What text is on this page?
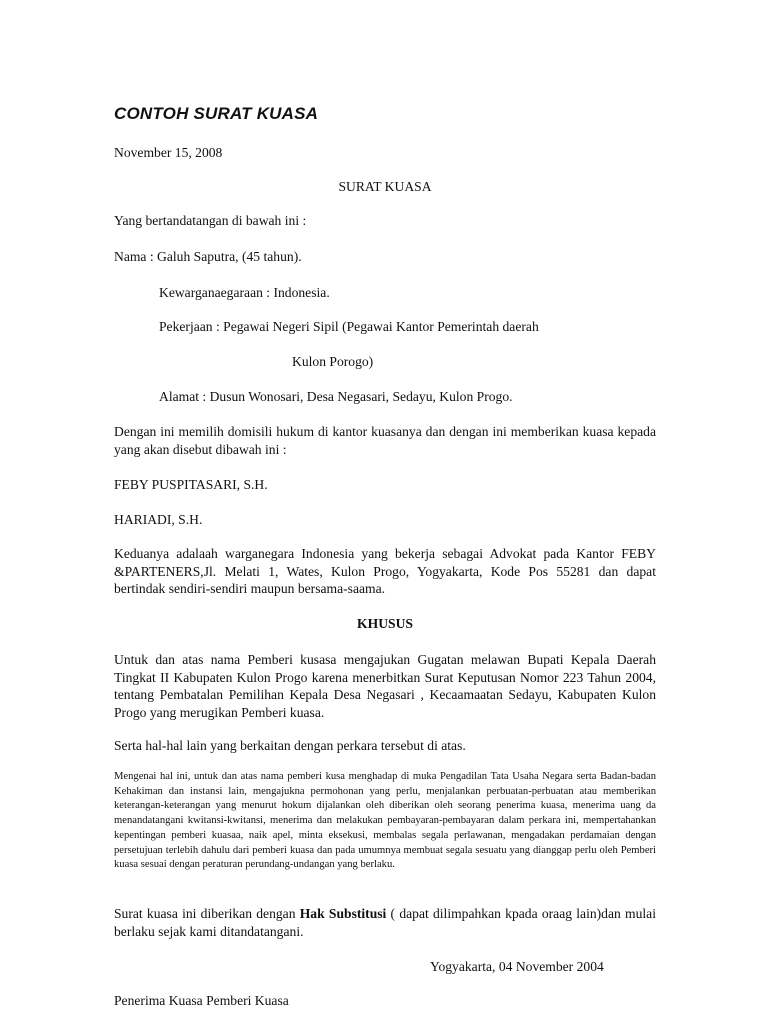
CONTOH SURAT KUASA
November 15, 2008
SURAT KUASA
Yang bertandatangan di bawah ini :
Nama : Galuh Saputra, (45 tahun).
Kewarganaegaraan : Indonesia.
Pekerjaan : Pegawai Negeri Sipil (Pegawai Kantor Pemerintah daerah
Kulon Porogo)
Alamat : Dusun Wonosari, Desa Negasari, Sedayu, Kulon Progo.
Dengan ini memilih domisili hukum di kantor kuasanya dan dengan ini memberikan kuasa kepada yang akan disebut dibawah ini :
FEBY PUSPITASARI, S.H.
HARIADI, S.H.
Keduanya adalaah warganegara Indonesia yang bekerja sebagai Advokat pada Kantor FEBY &PARTENERS,Jl. Melati 1, Wates, Kulon Progo, Yogyakarta, Kode Pos 55281 dan dapat bertindak sendiri-sendiri maupun bersama-saama.
KHUSUS
Untuk dan atas nama Pemberi kusasa mengajukan Gugatan melawan Bupati Kepala Daerah Tingkat II Kabupaten Kulon Progo karena menerbitkan Surat Keputusan Nomor 223 Tahun 2004, tentang Pembatalan Pemilihan Kepala Desa Negasari , Kecaamaatan Sedayu, Kabupaten Kulon Progo yang merugikan Pemberi kuasa.
Serta hal-hal lain yang berkaitan dengan perkara tersebut di atas.
Mengenai hal ini, untuk dan atas nama pemberi kusa menghadap di muka Pengadilan Tata Usaha Negara serta Badan-badan Kehakiman dan instansi lain, mengajukna permohonan yang perlu, menjalankan perbuatan-perbuatan atau memberikan keterangan-keterangan yang menurut hokum dijalankan oleh diberikan oleh seorang penerima kuasa, menerima uang da menandatangani kwitansi-kwitansi, menerima dan melakukan pembayaran-pembayaran dalam perkara ini, mempertahankan kepentingan pemberi kuasaa, naik apel, minta eksekusi, membalas segala perlawanan, mengadakan perdamaian dengan persetujuan terlebih dahulu dari pemberi kuasa dan pada umumnya membuat segala sesuatu yang dianggap perlu oleh Pemberi kuasa sesuai dengan peraturan perundang-undangan yang berlaku.
Surat kuasa ini diberikan dengan Hak Substitusi ( dapat dilimpahkan kpada oraag lain)dan mulai berlaku sejak kami ditandatangani.
Yogyakarta, 04 November 2004
Penerima Kuasa Pemberi Kuasa
